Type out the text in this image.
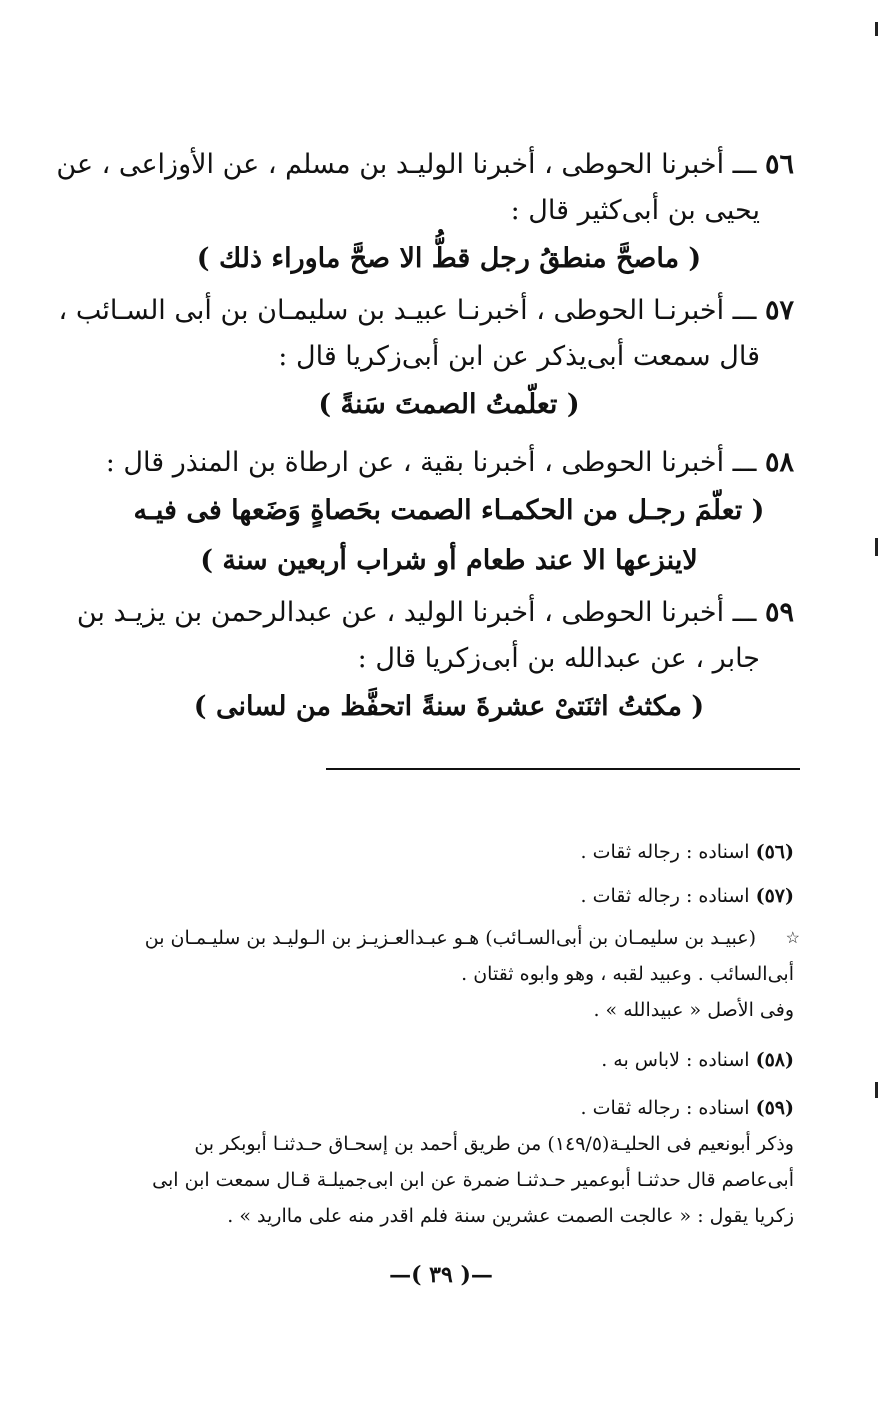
٥٦ ـــ أخبرنا الحوطى ، أخبرنا الوليـد بن مسلم ، عن الأوزاعى ، عن
يحيى بن أبى‌كثير قال :
( ماصحَّ منطقُ رجل قطُّ الا صحَّ ماوراء ذلك )
٥٧ ـــ أخبرنـا الحوطى ، أخبرنـا عبيـد بن سليمـان بن أبى السـائب ،
قال سمعت أبى‌يذكر عن ابن أبى‌زكريا قال :
( تعلّمتُ الصمتَ سَنةً )
٥٨ ـــ أخبرنا الحوطى ، أخبرنا بقية ، عن ارطاة بن المنذر قال :
( تعلّمَ رجـل من الحكمـاء الصمت بحَصاةٍ وَضَعها فى فيـه
لاينزعها الا عند طعام أو شراب أربعين سنة )
٥٩ ـــ أخبرنا الحوطى ، أخبرنا الوليد ، عن عبدالرحمن بن يزيـد بن
جابر ، عن عبدالله بن أبى‌زكريا قال :
( مكثتُ اثنَتىْ عشرةَ سنةً اتحفَّظ من لسانى )
(٥٦) اسناده : رجاله ثقات .
(٥٧) اسناده : رجاله ثقات .
☆
(عبيـد بن سليمـان بن أبى‌السـائب) هـو عبـدالعـزيـز بن الـوليـد بن سليـمـان بن
أبى‌السائب . وعبيد لقبه ، وهو وابوه ثقتان .
وفى الأصل « عبيدالله » .
(٥٨) اسناده : لاباس به .
(٥٩) اسناده : رجاله ثقات .
وذكر أبونعيم فى الحليـة(١٤٩/٥) من طريق أحمد بن إسحـاق حـدثنـا أبوبكر بن
أبى‌عاصم قال حدثنـا أبوعمير حـدثنـا ضمرة عن ابن ابى‌جميلـة قـال سمعت ابن ابى
زكريا يقول : « عالجت الصمت عشرين سنة فلم اقدر منه على ماارید » .
—( ٣٩ )—
